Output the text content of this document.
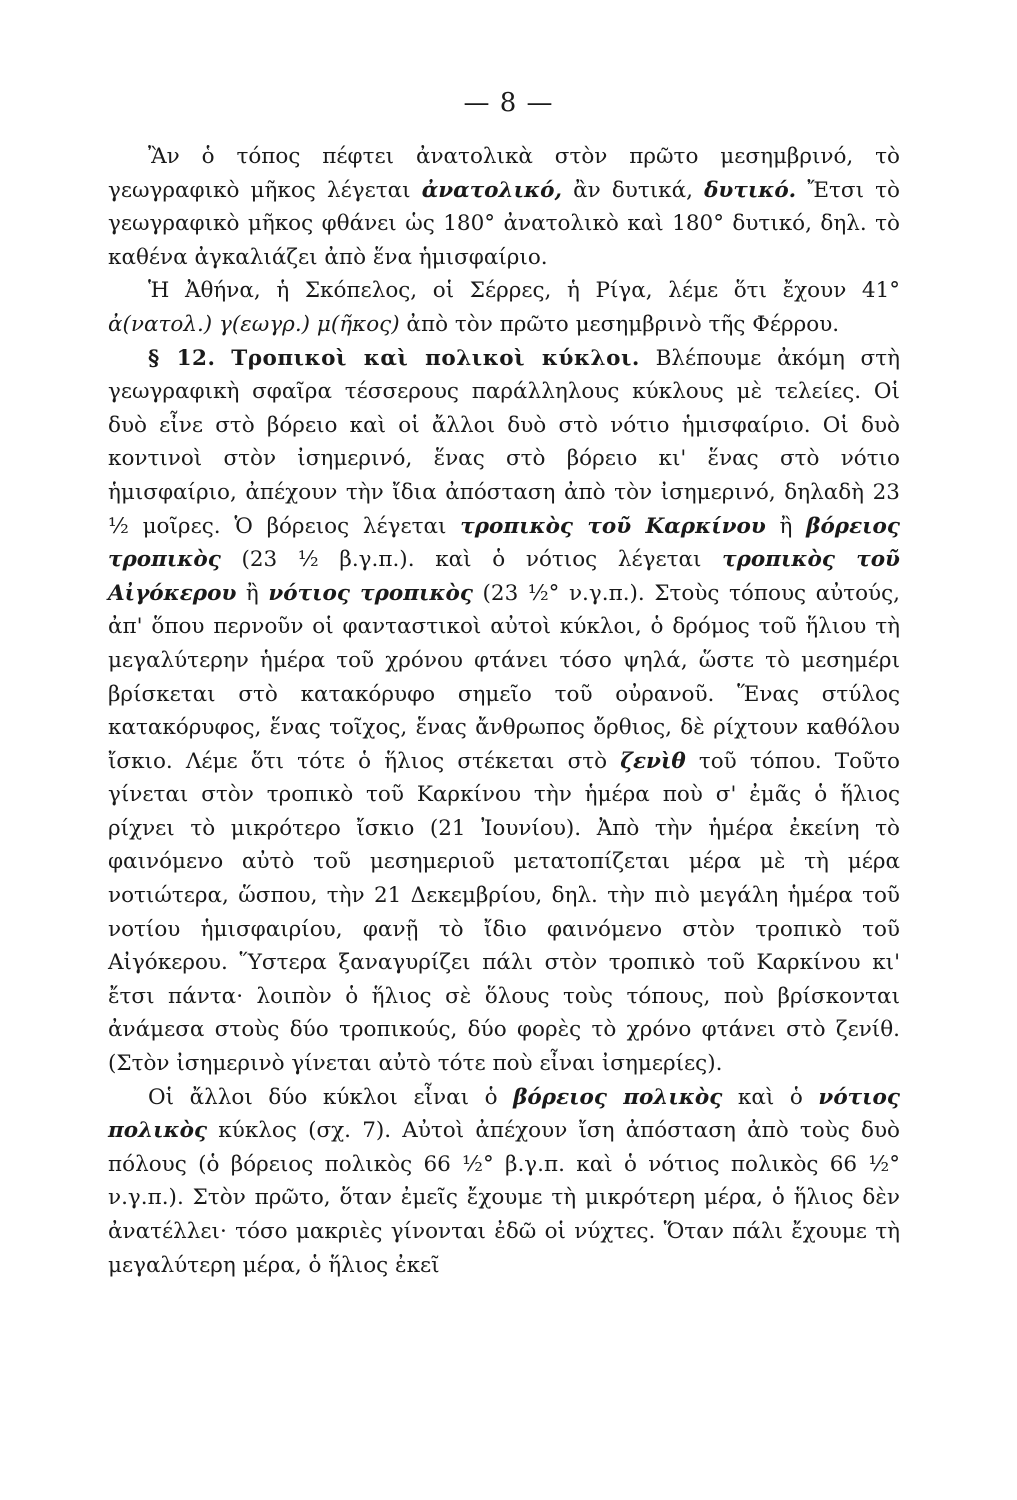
— 8 —

Ἂν ὁ τόπος πέφτει ἀνατολικὰ στὸν πρῶτο μεσημβρινό, τὸ γεωγραφικὸ μῆκος λέγεται ἀνατολικό, ἂν δυτικά, δυτικό. Ἔτσι τὸ γεωγραφικὸ μῆκος φθάνει ὡς 180° ἀνατολικὸ καὶ 180° δυτικό, δηλ. τὸ καθένα ἀγκαλιάζει ἀπὸ ἕνα ἡμισφαίριο.

Ἡ Ἀθήνα, ἡ Σκόπελος, οἱ Σέρρες, ἡ Ρίγα, λέμε ὅτι ἔχουν 41° ἀ(νατολ.) γ(εωγρ.) μ(ῆκος) ἀπὸ τὸν πρῶτο μεσημβρινὸ τῆς Φέρρου.

§ 12. Τροπικοὶ καὶ πολικοὶ κύκλοι. Βλέπουμε ἀκόμη στὴ γεωγραφικὴ σφαῖρα τέσσερους παράλληλους κύκλους μὲ τελείες. Οἱ δυὸ εἶνε στὸ βόρειο καὶ οἱ ἄλλοι δυὸ στὸ νότιο ἡμισφαίριο. Οἱ δυὸ κοντινοὶ στὸν ἰσημερινό, ἕνας στὸ βόρειο κι' ἕνας στὸ νότιο ἡμισφαίριο, ἀπέχουν τὴν ἴδια ἀπόσταση ἀπὸ τὸν ἰσημερινό, δηλαδὴ 23 ½ μοῖρες. Ὁ βόρειος λέγεται τροπικὸς τοῦ Καρκίνου ἢ βόρειος τροπικὸς (23 ½ β.γ.π.). καὶ ὁ νότιος λέγεται τροπικὸς τοῦ Αἰγόκερου ἢ νότιος τροπικὸς (23 ½° ν.γ.π.). Στοὺς τόπους αὐτούς, ἀπ' ὅπου περνοῦν οἱ φανταστικοὶ αὐτοὶ κύκλοι, ὁ δρόμος τοῦ ἥλιου τὴ μεγαλύτερην ἡμέρα τοῦ χρόνου φτάνει τόσο ψηλά, ὥστε τὸ μεσημέρι βρίσκεται στὸ κατακόρυφο σημεῖο τοῦ οὐρανοῦ. Ἕνας στύλος κατακόρυφος, ἕνας τοῖχος, ἕνας ἄνθρωπος ὄρθιος, δὲ ρίχτουν καθόλου ἴσκιο. Λέμε ὅτι τότε ὁ ἥλιος στέκεται στὸ ζενὶθ τοῦ τόπου. Τοῦτο γίνεται στὸν τροπικὸ τοῦ Καρκίνου τὴν ἡμέρα ποὺ σ' ἐμᾶς ὁ ἥλιος ρίχνει τὸ μικρότερο ἴσκιο (21 Ἰουνίου). Ἀπὸ τὴν ἡμέρα ἐκείνη τὸ φαινόμενο αὐτὸ τοῦ μεσημεριοῦ μετατοπίζεται μέρα μὲ τὴ μέρα νοτιώτερα, ὥσπου, τὴν 21 Δεκεμβρίου, δηλ. τὴν πιὸ μεγάλη ἡμέρα τοῦ νοτίου ἡμισφαιρίου, φανῇ τὸ ἴδιο φαινόμενο στὸν τροπικὸ τοῦ Αἰγόκερου. Ὕστερα ξαναγυρίζει πάλι στὸν τροπικὸ τοῦ Καρκίνου κι' ἔτσι πάντα· λοιπὸν ὁ ἥλιος σὲ ὅλους τοὺς τόπους, ποὺ βρίσκονται ἀνάμεσα στοὺς δύο τροπικούς, δύο φορὲς τὸ χρόνο φτάνει στὸ ζενίθ. (Στὸν ἰσημερινὸ γίνεται αὐτὸ τότε ποὺ εἶναι ἰσημερίες).

Οἱ ἄλλοι δύο κύκλοι εἶναι ὁ βόρειος πολικὸς καὶ ὁ νότιος πολικὸς κύκλος (σχ. 7). Αὐτοὶ ἀπέχουν ἴση ἀπόσταση ἀπὸ τοὺς δυὸ πόλους (ὁ βόρειος πολικὸς 66 ½° β.γ.π. καὶ ὁ νότιος πολικὸς 66 ½° ν.γ.π.). Στὸν πρῶτο, ὅταν ἐμεῖς ἔχουμε τὴ μικρότερη μέρα, ὁ ἥλιος δὲν ἀνατέλλει· τόσο μακριὲς γίνονται ἐδῶ οἱ νύχτες. Ὅταν πάλι ἔχουμε τὴ μεγαλύτερη μέρα, ὁ ἥλιος ἐκεῖ
